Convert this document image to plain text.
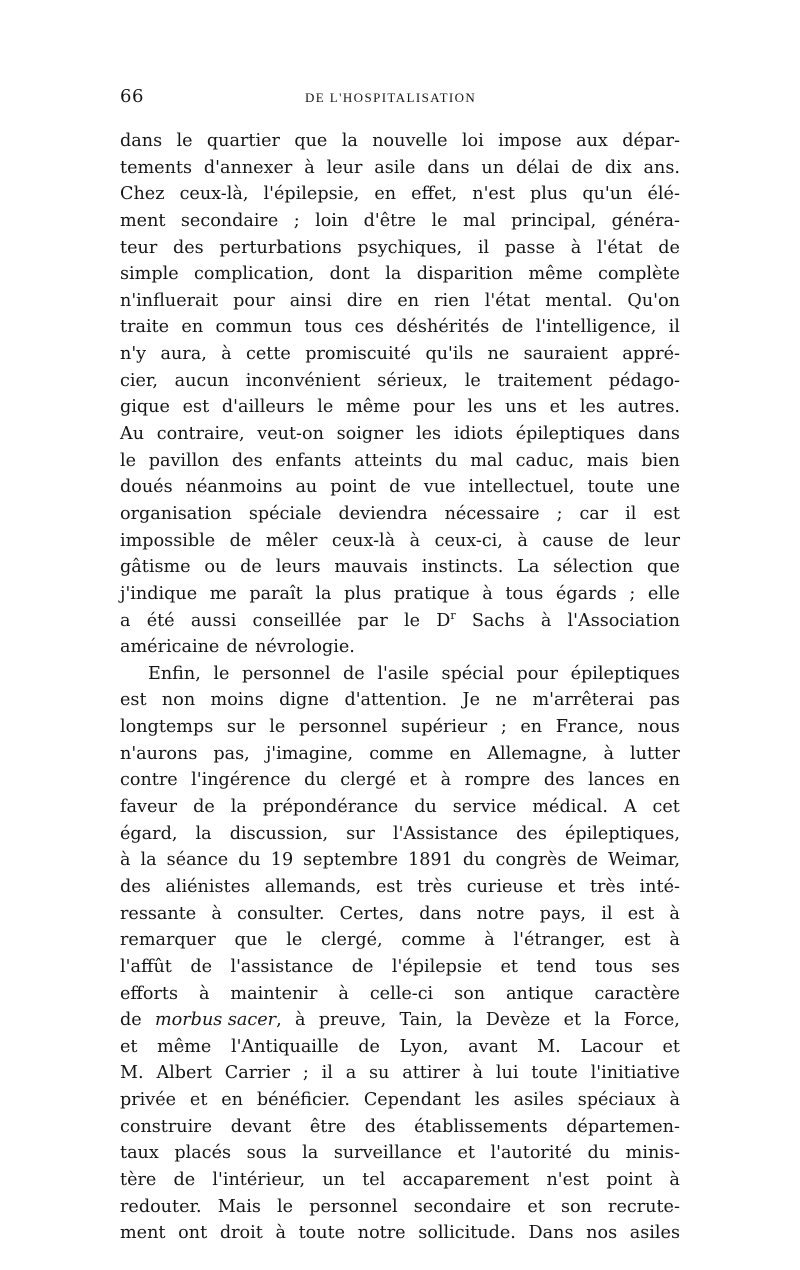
66	DE L'HOSPITALISATION
dans le quartier que la nouvelle loi impose aux dépar-
tements d'annexer à leur asile dans un délai de dix ans.
Chez ceux-là, l'épilepsie, en effet, n'est plus qu'un élé-
ment secondaire ; loin d'être le mal principal, généra-
teur des perturbations psychiques, il passe à l'état de
simple complication, dont la disparition même complète
n'influerait pour ainsi dire en rien l'état mental. Qu'on
traite en commun tous ces déshérités de l'intelligence, il
n'y aura, à cette promiscuité qu'ils ne sauraient appré-
cier, aucun inconvénient sérieux, le traitement pédago-
gique est d'ailleurs le même pour les uns et les autres.
Au contraire, veut-on soigner les idiots épileptiques dans
le pavillon des enfants atteints du mal caduc, mais bien
doués néanmoins au point de vue intellectuel, toute une
organisation spéciale deviendra nécessaire ; car il est
impossible de mêler ceux-là à ceux-ci, à cause de leur
gâtisme ou de leurs mauvais instincts. La sélection que
j'indique me paraît la plus pratique à tous égards ; elle
a été aussi conseillée par le $D^r$ Sachs à l'Association
américaine de névrologie.
Enfin, le personnel de l'asile spécial pour épileptiques
est non moins digne d'attention. Je ne m'arrêterai pas
longtemps sur le personnel supérieur ; en France, nous
n'aurons pas, j'imagine, comme en Allemagne, à lutter
contre l'ingérence du clergé et à rompre des lances en
faveur de la prépondérance du service médical. A cet
égard, la discussion, sur l'Assistance des épileptiques,
à la séance du 19 septembre 1891 du congrès de Weimar,
des aliénistes allemands, est très curieuse et très inté-
ressante à consulter. Certes, dans notre pays, il est à
remarquer que le clergé, comme à l'étranger, est à
l'affût de l'assistance de l'épilepsie et tend tous ses
efforts à maintenir à celle-ci son antique caractère
de morbus sacer, à preuve, Tain, la Devèze et la Force,
et même l'Antiquaille de Lyon, avant M. Lacour et
M. Albert Carrier ; il a su attirer à lui toute l'initiative
privée et en bénéficier. Cependant les asiles spéciaux à
construire devant être des établissements départemen-
taux placés sous la surveillance et l'autorité du minis-
tère de l'intérieur, un tel accaparement n'est point à
redouter. Mais le personnel secondaire et son recrute-
ment ont droit à toute notre sollicitude. Dans nos asiles
